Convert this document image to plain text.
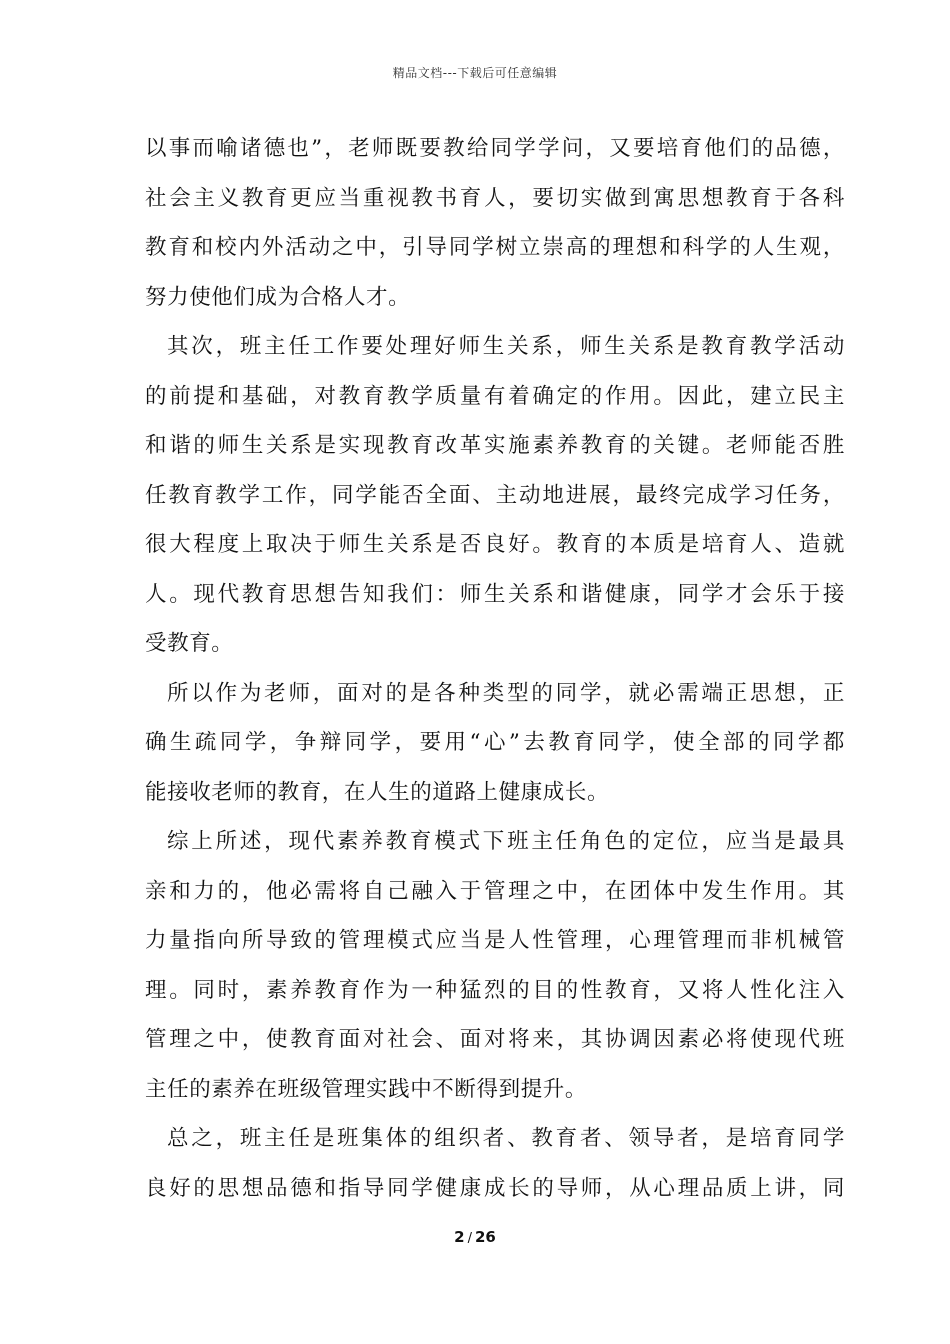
精品文档---下载后可任意编辑
以事而喻诸德也”，老师既要教给同学学问，又要培育他们的品德，
社会主义教育更应当重视教书育人，要切实做到寓思想教育于各科
教育和校内外活动之中，引导同学树立崇高的理想和科学的人生观，
努力使他们成为合格人才。
其次，班主任工作要处理好师生关系，师生关系是教育教学活动
的前提和基础，对教育教学质量有着确定的作用。因此，建立民主
和谐的师生关系是实现教育改革实施素养教育的关键。老师能否胜
任教育教学工作，同学能否全面、主动地进展，最终完成学习任务，
很大程度上取决于师生关系是否良好。教育的本质是培育人、造就
人。现代教育思想告知我们：师生关系和谐健康，同学才会乐于接
受教育。
所以作为老师，面对的是各种类型的同学，就必需端正思想，正
确生疏同学，争辩同学，要用“心”去教育同学，使全部的同学都
能接收老师的教育，在人生的道路上健康成长。
综上所述，现代素养教育模式下班主任角色的定位，应当是最具
亲和力的，他必需将自己融入于管理之中，在团体中发生作用。其
力量指向所导致的管理模式应当是人性管理，心理管理而非机械管
理。同时，素养教育作为一种猛烈的目的性教育，又将人性化注入
管理之中，使教育面对社会、面对将来，其协调因素必将使现代班
主任的素养在班级管理实践中不断得到提升。
总之，班主任是班集体的组织者、教育者、领导者，是培育同学
良好的思想品德和指导同学健康成长的导师，从心理品质上讲，同
2 / 26
